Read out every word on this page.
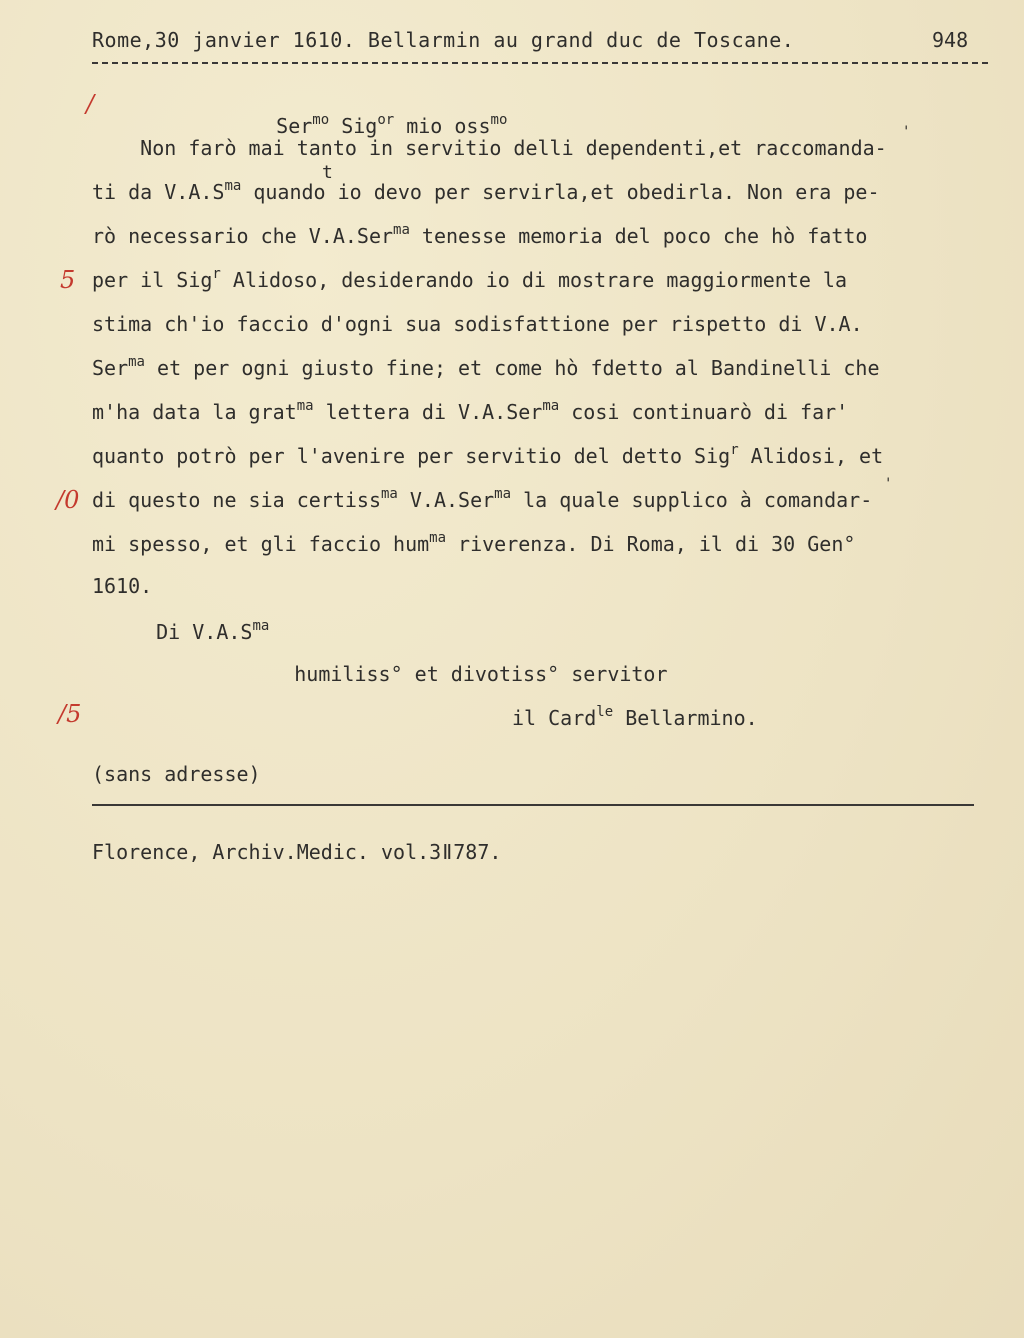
Rome,30 janvier 1610. Bellarmin au grand duc de Toscane.	948
/

Ser$^{mo}$ Sig$^{or}$ mio oss$^{mo}$

'
Non farò mai tanto in servitio delli dependenti,et raccomanda-
t
ti da $V.A.S^{ma}$ quando io devo per servirla,et obedirla. Non era pe-
rò necessario che V.A.Ser$^{ma}$ tenesse memoria del poco che hò fatto
5 per il Sig$^r$ Alidoso, desiderando io di mostrare maggiormente la
stima ch'io faccio d'ogni sua sodisfattione per rispetto di V.A.
Ser$^{ma}$ et per ogni giusto fine; et come hò fdetto al Bandinelli che
m'ha data la grat$^{ma}$ lettera di V.A.Ser$^{ma}$ cosi continuarò di far'
quanto potrò per l'avenire per servitio del detto Sig$^r$ Alidosi, et
/0
'
di questo ne sia certiss$^{ma}$ V.A.Ser$^{ma}$ la quale supplico à comandar-
mi spesso, et gli faccio hum$^{ma}$ riverenza. Di Roma, il di 30 Gen°
1610.
Di $V.A.S^{ma}$
humiliss° et divotiss° servitor
/5	il Card$^{le}$ Bellarmino.
(sans adresse)
Florence, Archiv.Medic. vol.3ǁ787.
